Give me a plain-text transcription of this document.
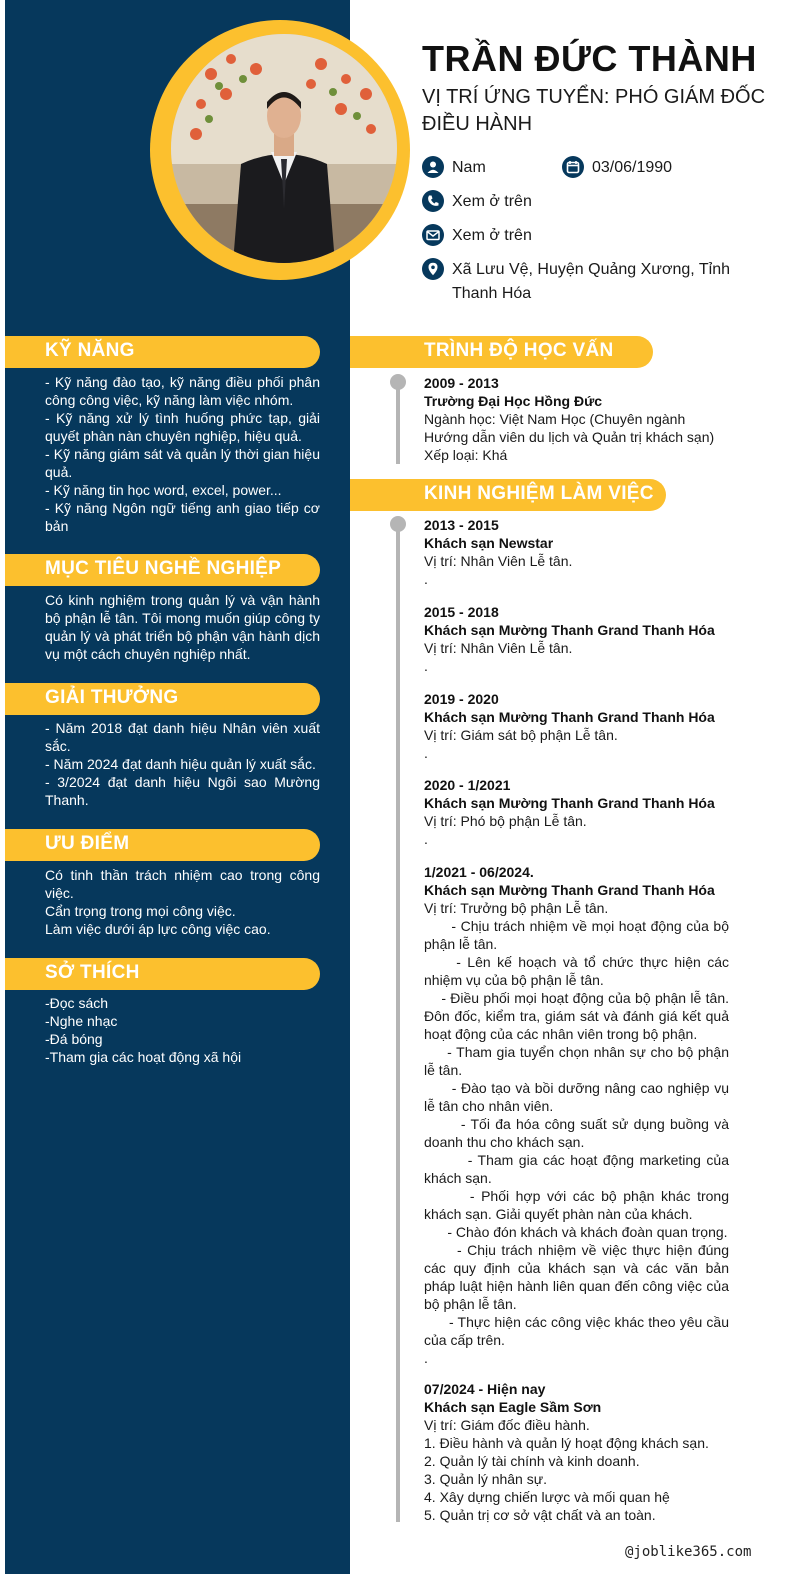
TRẦN ĐỨC THÀNH
VỊ TRÍ ỨNG TUYỂN: PHÓ GIÁM ĐỐC ĐIỀU HÀNH
Nam	03/06/1990
Xem ở trên
Xem ở trên
Xã Lưu Vệ, Huyện Quảng Xương, Tỉnh Thanh Hóa
KỸ NĂNG
- Kỹ năng đào tạo, kỹ năng điều phối phân công công việc, kỹ năng làm việc nhóm.
- Kỹ năng xử lý tình huống phức tạp, giải quyết phàn nàn chuyên nghiệp, hiệu quả.
- Kỹ năng giám sát và quản lý thời gian hiệu quả.
- Kỹ năng tin học word, excel, power...
- Kỹ năng Ngôn ngữ tiếng anh giao tiếp cơ bản
MỤC TIÊU NGHỀ NGHIỆP
Có kinh nghiệm trong quản lý và vận hành bộ phận lễ tân. Tôi mong muốn giúp công ty quản lý và phát triển bộ phận vận hành dịch vụ một cách chuyên nghiệp nhất.
GIẢI THƯỞNG
- Năm 2018 đạt danh hiệu Nhân viên xuất sắc.
- Năm 2024 đạt danh hiệu quản lý xuất sắc.
- 3/2024 đạt danh hiệu Ngôi sao Mường Thanh.
ƯU ĐIỂM
Có tinh thần trách nhiệm cao trong công việc.
Cẩn trọng trong mọi công việc.
Làm việc dưới áp lực công việc cao.
SỞ THÍCH
-Đọc sách
-Nghe nhạc
-Đá bóng
-Tham gia các hoạt động xã hội
TRÌNH ĐỘ HỌC VẤN
2009 - 2013
Trường Đại Học Hồng Đức
Ngành học: Việt Nam Học (Chuyên ngành Hướng dẫn viên du lịch và Quản trị khách sạn)
Xếp loại: Khá
KINH NGHIỆM LÀM VIỆC
2013 - 2015
Khách sạn Newstar
Vị trí: Nhân Viên Lễ tân.
.
2015 - 2018
Khách sạn Mường Thanh Grand Thanh Hóa
Vị trí: Nhân Viên Lễ tân.
.
2019 - 2020
Khách sạn Mường Thanh Grand Thanh Hóa
Vị trí: Giám sát bộ phận Lễ tân.
.
2020 - 1/2021
Khách sạn Mường Thanh Grand Thanh Hóa
Vị trí: Phó bộ phận Lễ tân.
.
1/2021 - 06/2024.
Khách sạn Mường Thanh Grand Thanh Hóa
Vị trí: Trưởng bộ phận Lễ tân.
- Chịu trách nhiệm về mọi hoạt động của bộ phận lễ tân.
- Lên kế hoạch và tổ chức thực hiện các nhiệm vụ của bộ phận lễ tân.
- Điều phối mọi hoạt động của bộ phận lễ tân. Đôn đốc, kiểm tra, giám sát và đánh giá kết quả hoạt động của các nhân viên trong bộ phận.
- Tham gia tuyển chọn nhân sự cho bộ phận lễ tân.
- Đào tạo và bồi dưỡng nâng cao nghiệp vụ lễ tân cho nhân viên.
- Tối đa hóa công suất sử dụng buồng và doanh thu cho khách sạn.
- Tham gia các hoạt động marketing của khách sạn.
- Phối hợp với các bộ phận khác trong khách sạn. Giải quyết phàn nàn của khách.
- Chào đón khách và khách đoàn quan trọng.
- Chịu trách nhiệm về việc thực hiện đúng các quy định của khách sạn và các văn bản pháp luật hiện hành liên quan đến công việc của bộ phận lễ tân.
- Thực hiện các công việc khác theo yêu cầu của cấp trên.
.
07/2024 - Hiện nay
Khách sạn Eagle Sầm Sơn
Vị trí: Giám đốc điều hành.
1. Điều hành và quản lý hoạt động khách sạn.
2. Quản lý tài chính và kinh doanh.
3. Quản lý nhân sự.
4. Xây dựng chiến lược và mối quan hệ
5. Quản trị cơ sở vật chất và an toàn.
@joblike365.com
